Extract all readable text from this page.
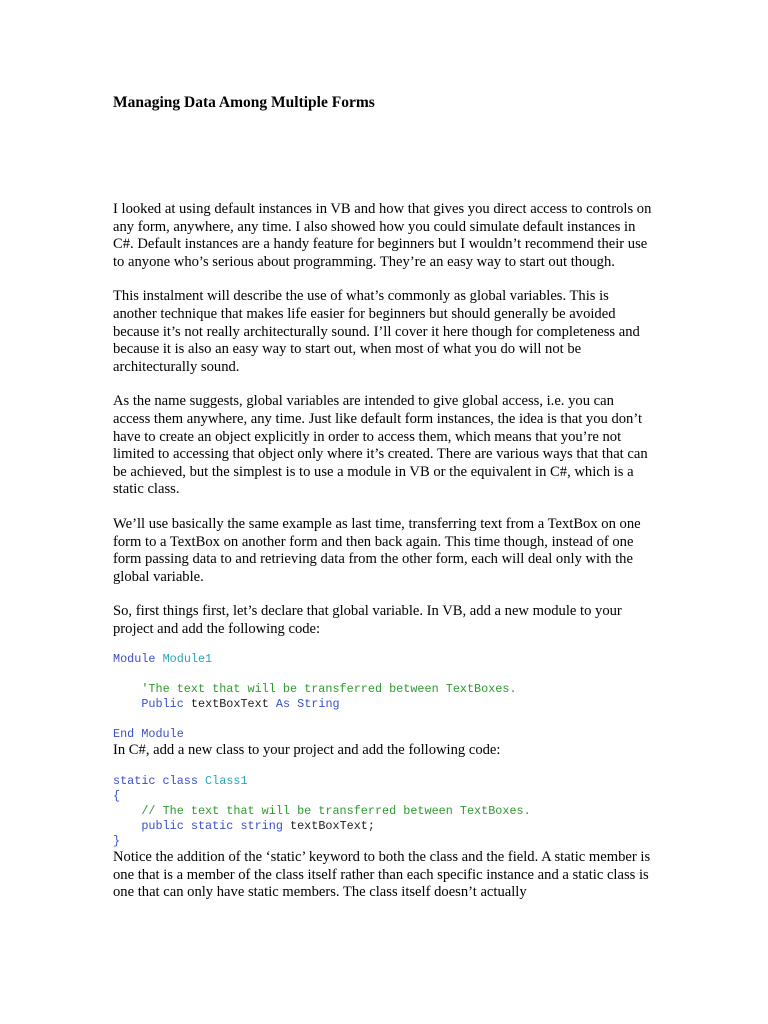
Managing Data Among Multiple Forms

I looked at using default instances in VB and how that gives you direct access to controls on any form, anywhere, any time. I also showed how you could simulate default instances in C#. Default instances are a handy feature for beginners but I wouldn’t recommend their use to anyone who’s serious about programming. They’re an easy way to start out though.

This instalment will describe the use of what’s commonly as global variables. This is another technique that makes life easier for beginners but should generally be avoided because it’s not really architecturally sound. I’ll cover it here though for completeness and because it is also an easy way to start out, when most of what you do will not be architecturally sound.

As the name suggests, global variables are intended to give global access, i.e. you can access them anywhere, any time. Just like default form instances, the idea is that you don’t have to create an object explicitly in order to access them, which means that you’re not limited to accessing that object only where it’s created. There are various ways that that can be achieved, but the simplest is to use a module in VB or the equivalent in C#, which is a static class.

We’ll use basically the same example as last time, transferring text from a TextBox on one form to a TextBox on another form and then back again. This time though, instead of one form passing data to and retrieving data from the other form, each will deal only with the global variable.

So, first things first, let’s declare that global variable. In VB, add a new module to your project and add the following code:

Module Module1

'The text that will be transferred between TextBoxes.
Public textBoxText As String

End Module

In C#, add a new class to your project and add the following code:

static class Class1
{
// The text that will be transferred between TextBoxes.
public static string textBoxText;
}

Notice the addition of the ‘static’ keyword to both the class and the field. A static member is one that is a member of the class itself rather than each specific instance and a static class is one that can only have static members. The class itself doesn’t actually
